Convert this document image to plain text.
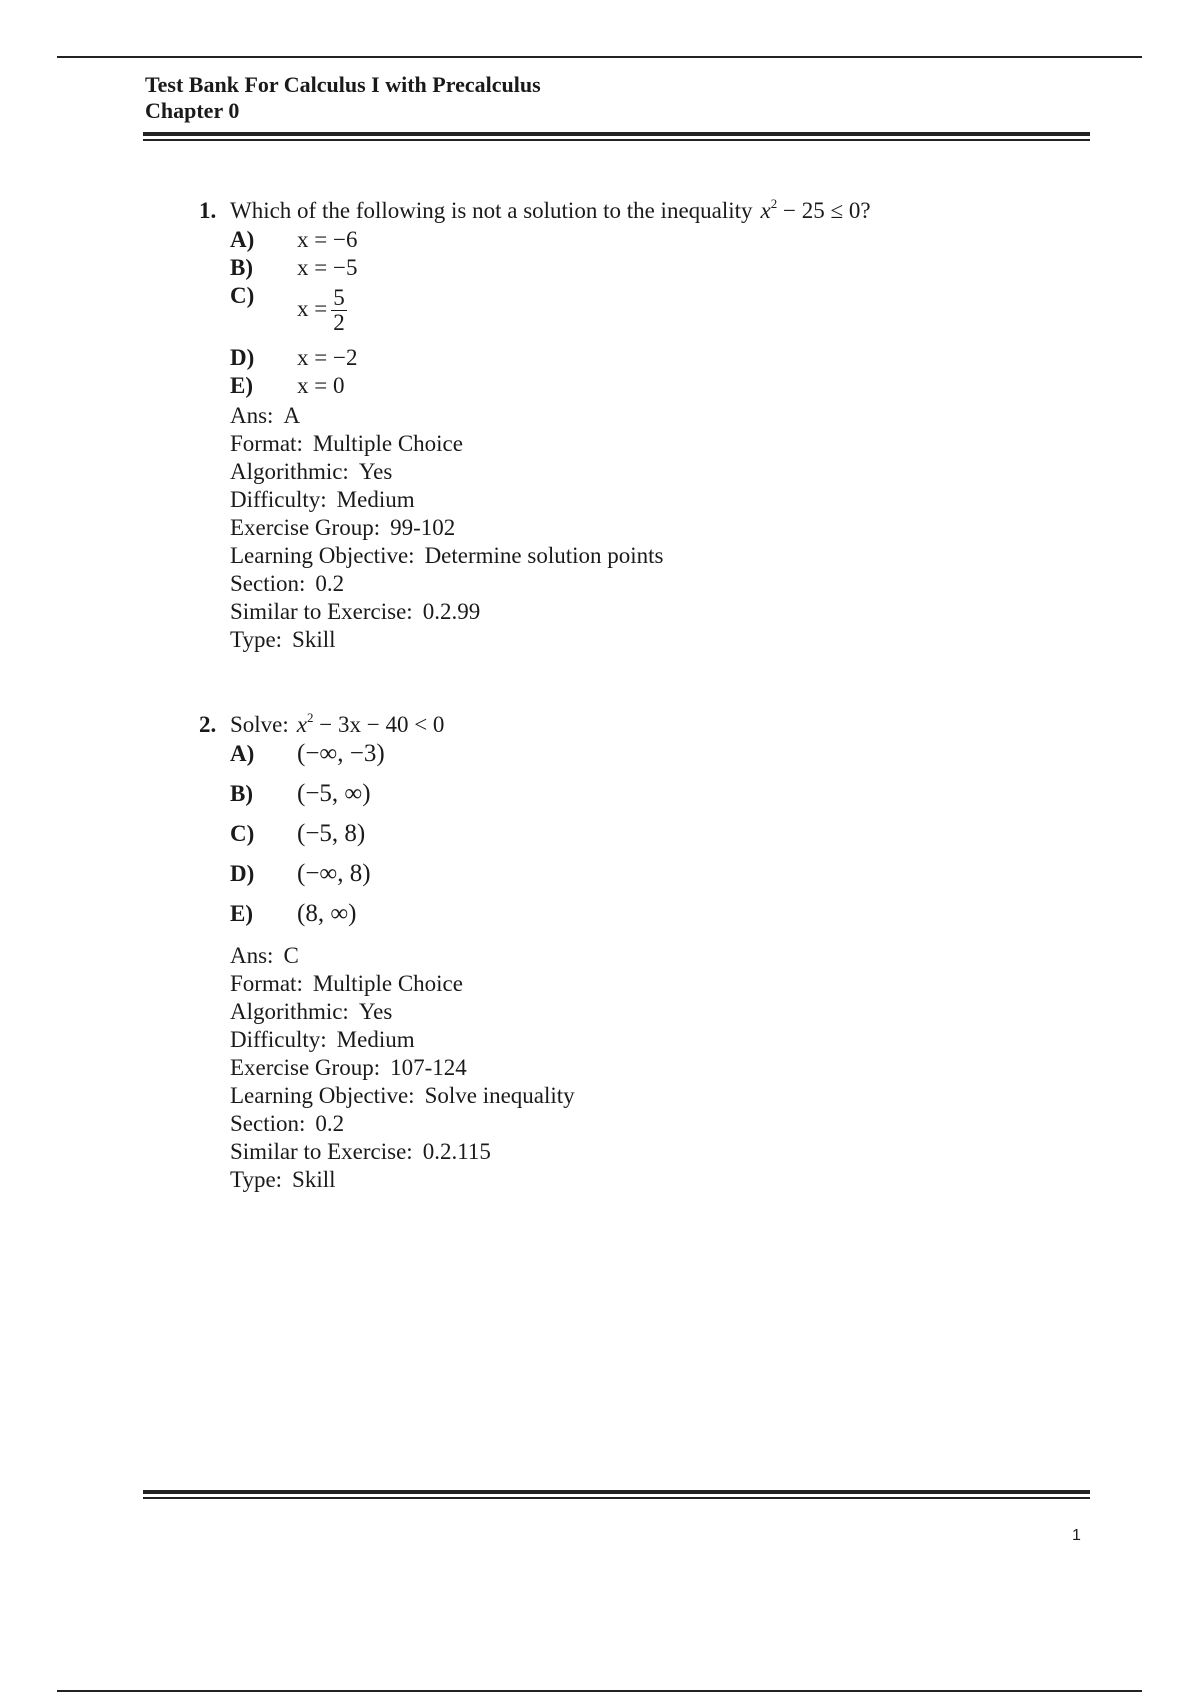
Test Bank For Calculus I with Precalculus
Chapter 0
1. Which of the following is not a solution to the inequality $x^2 - 25 \le 0$?
A) x = −6
B) x = −5
C)
$x = \frac{5}{2}$
D) x = −2
E) x = 0
Ans: A
Format: Multiple Choice
Algorithmic: Yes
Difficulty: Medium
Exercise Group: 99-102
Learning Objective: Determine solution points
Section: 0.2
Similar to Exercise: 0.2.99
Type: Skill
2. Solve: $x^2 - 3x - 40 < 0$
A) (−∞, −3)
B) (−5, ∞)
C) (−5, 8)
D) (−∞, 8)
E) (8, ∞)
Ans: C
Format: Multiple Choice
Algorithmic: Yes
Difficulty: Medium
Exercise Group: 107-124
Learning Objective: Solve inequality
Section: 0.2
Similar to Exercise: 0.2.115
Type: Skill
1
